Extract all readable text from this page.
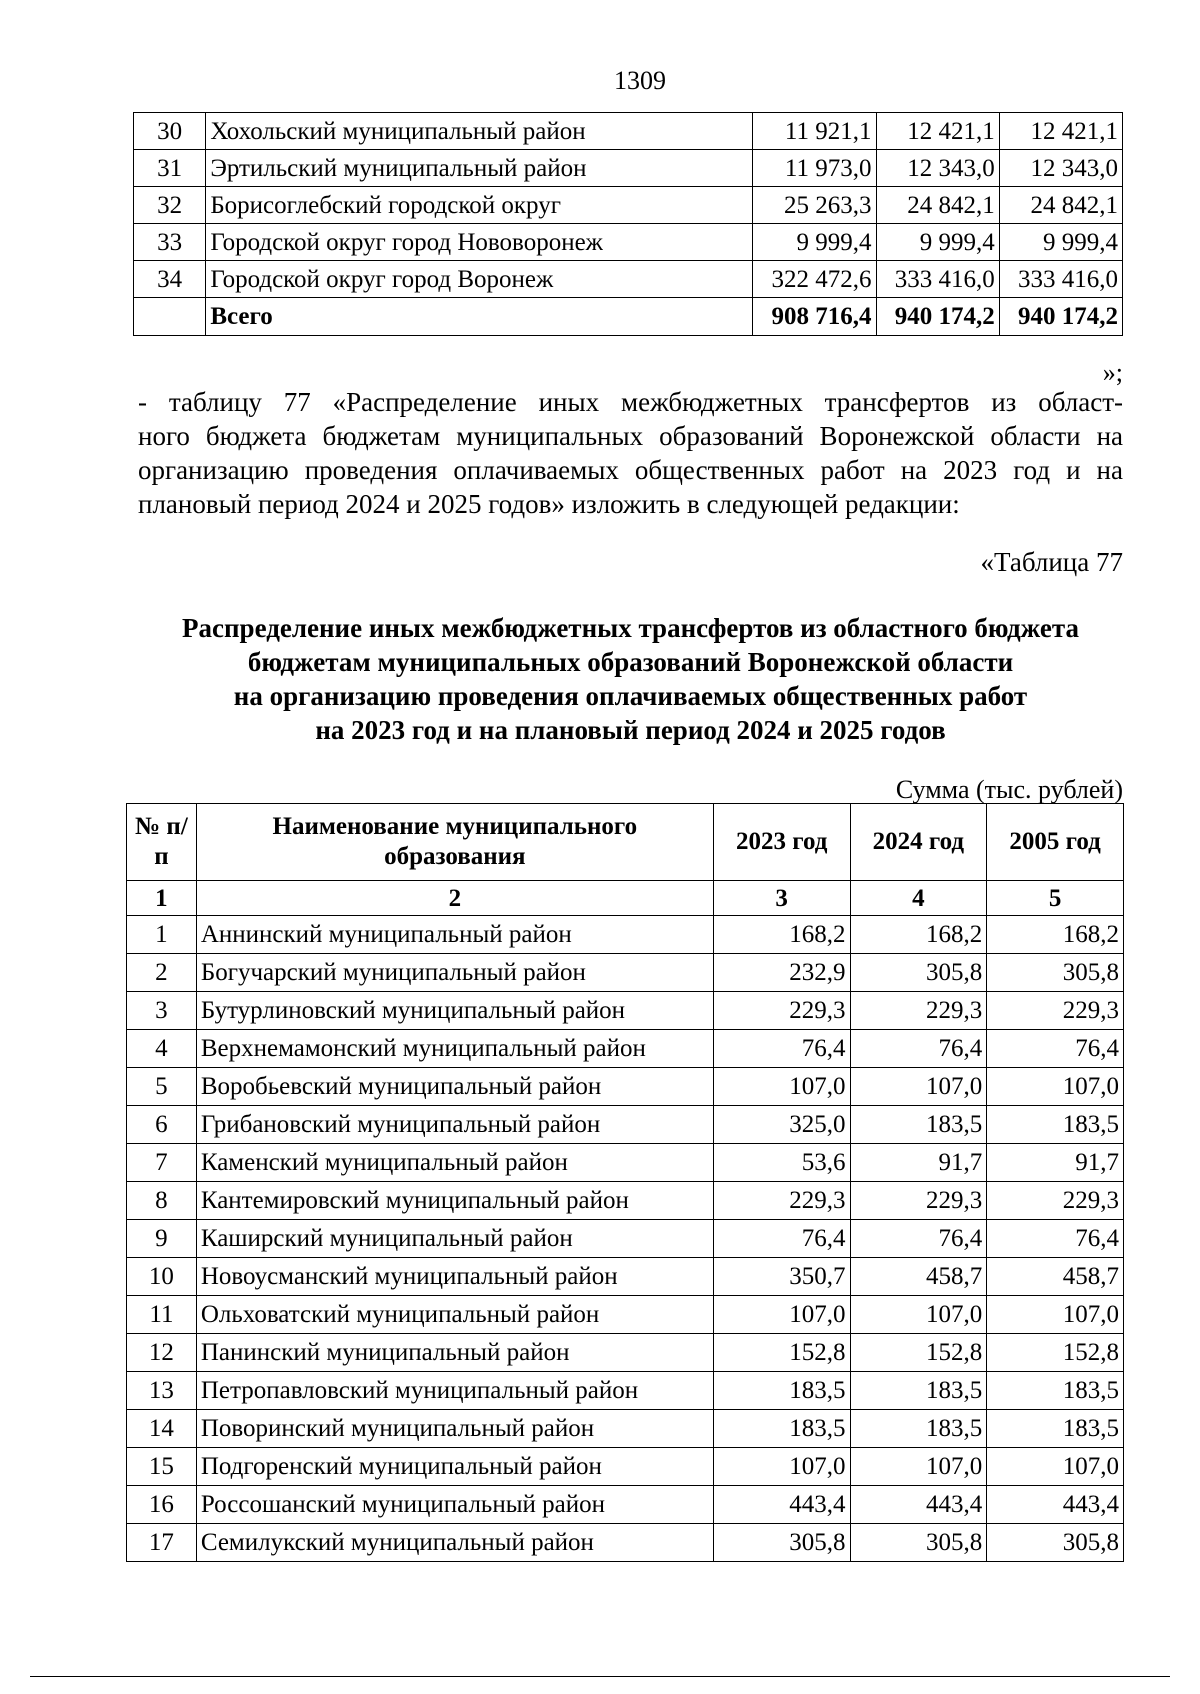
1309
30	Хохольский муниципальный район	11 921,1	12 421,1	12 421,1
31	Эртильский муниципальный район	11 973,0	12 343,0	12 343,0
32	Борисоглебский городской округ	25 263,3	24 842,1	24 842,1
33	Городской округ город Нововоронеж	9 999,4	9 999,4	9 999,4
34	Городской округ город Воронеж	322 472,6	333 416,0	333 416,0
	Всего	908 716,4	940 174,2	940 174,2
»;
- таблицу 77 «Распределение иных межбюджетных трансфертов из област-
ного бюджета бюджетам муниципальных образований Воронежской области на
организацию проведения оплачиваемых общественных работ на 2023 год и на
плановый период 2024 и 2025 годов» изложить в следующей редакции:
«Таблица 77
Распределение иных межбюджетных трансфертов из областного бюджета
бюджетам муниципальных образований Воронежской области
на организацию проведения оплачиваемых общественных работ
на 2023 год и на плановый период 2024 и 2025 годов
Сумма (тыс. рублей)
№ п/п	Наименование муниципального образования	2023 год	2024 год	2005 год
1	2	3	4	5
1	Аннинский муниципальный район	168,2	168,2	168,2
2	Богучарский муниципальный район	232,9	305,8	305,8
3	Бутурлиновский муниципальный район	229,3	229,3	229,3
4	Верхнемамонский муниципальный район	76,4	76,4	76,4
5	Воробьевский муниципальный район	107,0	107,0	107,0
6	Грибановский муниципальный район	325,0	183,5	183,5
7	Каменский муниципальный район	53,6	91,7	91,7
8	Кантемировский муниципальный район	229,3	229,3	229,3
9	Каширский муниципальный район	76,4	76,4	76,4
10	Новоусманский муниципальный район	350,7	458,7	458,7
11	Ольховатский муниципальный район	107,0	107,0	107,0
12	Панинский муниципальный район	152,8	152,8	152,8
13	Петропавловский муниципальный район	183,5	183,5	183,5
14	Поворинский муниципальный район	183,5	183,5	183,5
15	Подгоренский муниципальный район	107,0	107,0	107,0
16	Россошанский муниципальный район	443,4	443,4	443,4
17	Семилукский муниципальный район	305,8	305,8	305,8
